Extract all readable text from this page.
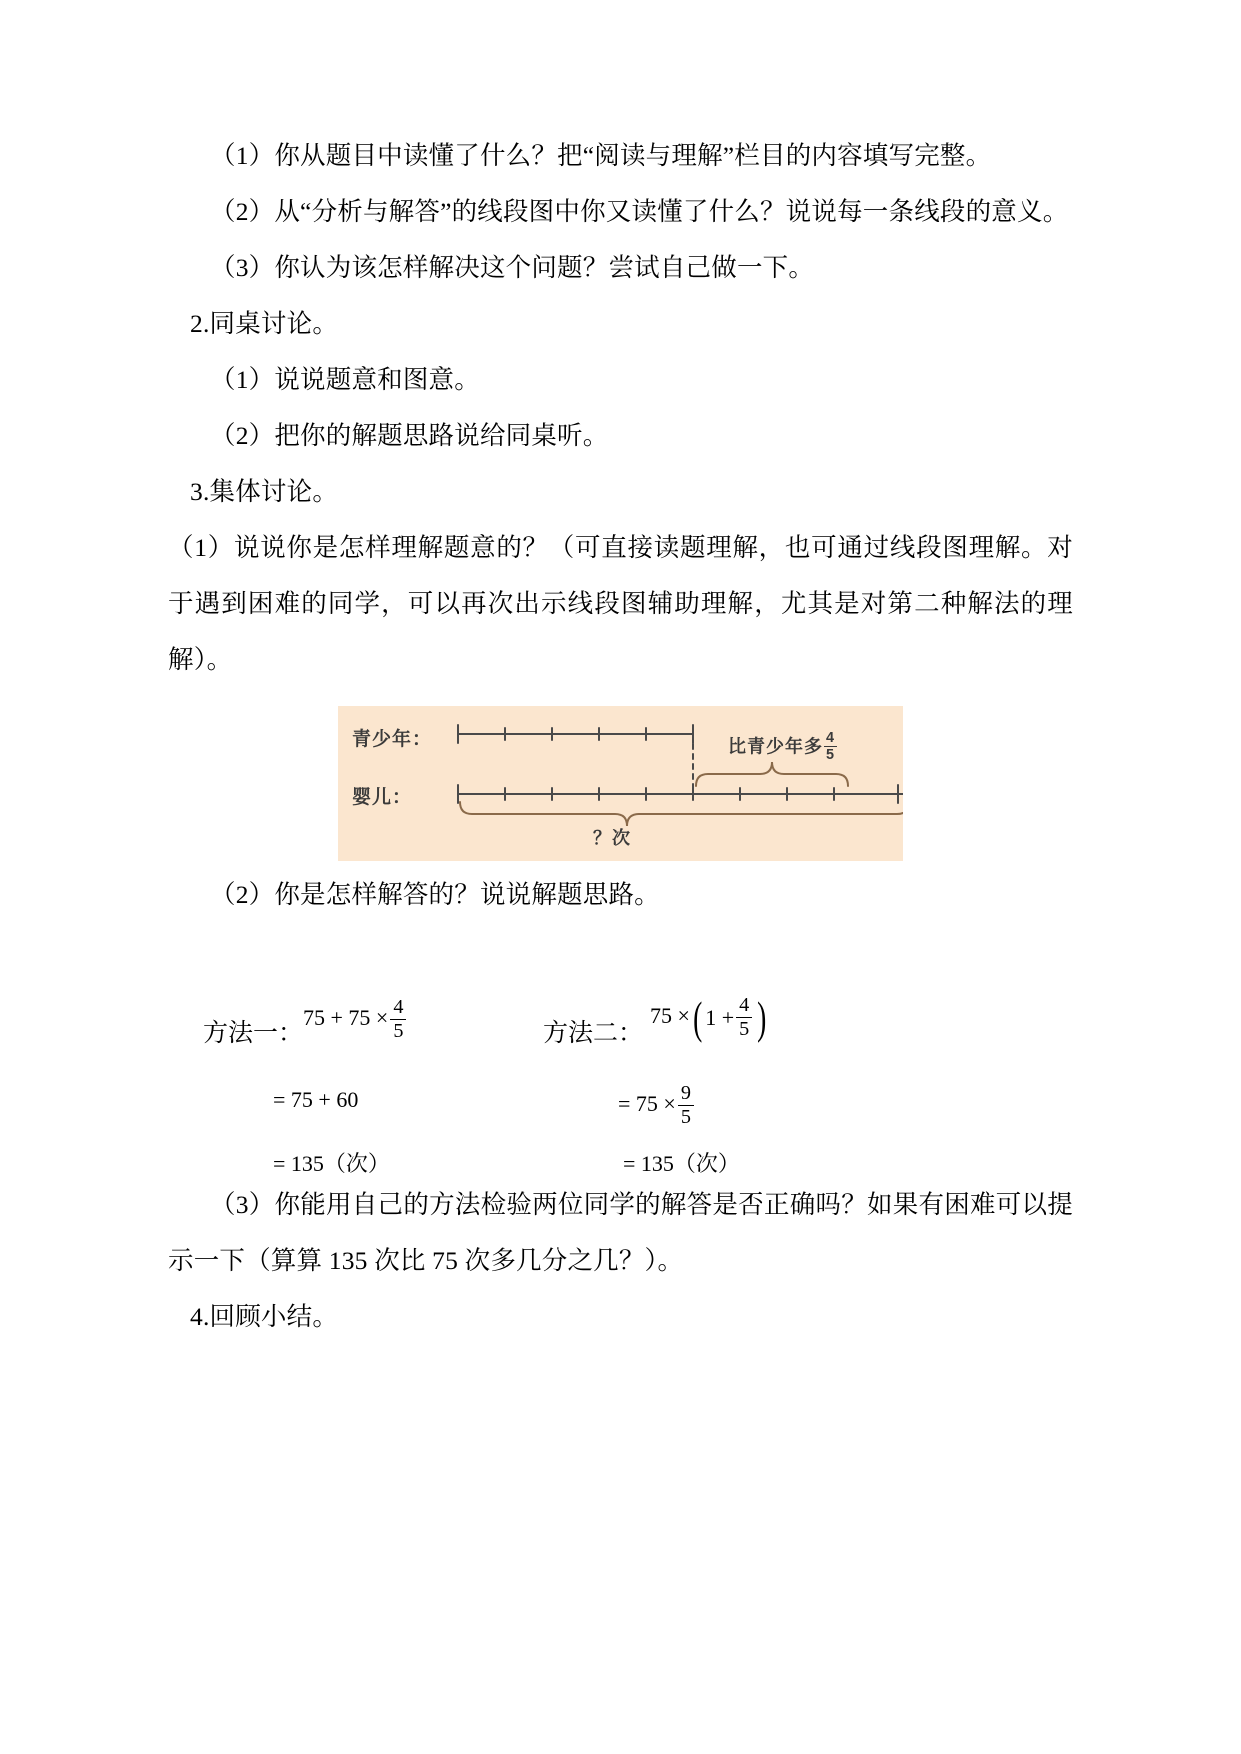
（1）你从题目中读懂了什么？把“阅读与理解”栏目的内容填写完整。

（2）从“分析与解答”的线段图中你又读懂了什么？说说每一条线段的意义。

（3）你认为该怎样解决这个问题？尝试自己做一下。

2.同桌讨论。

（1）说说题意和图意。

（2）把你的解题思路说给同桌听。

3.集体讨论。

（1）说说你是怎样理解题意的？（可直接读题理解，也可通过线段图理解。对于遇到困难的同学，可以再次出示线段图辅助理解，尤其是对第二种解法的理解）。

青少年：
婴儿：
比青少年多 $\frac{4}{5}$
？次

（2）你是怎样解答的？说说解题思路。

方法一：
$75 + 75 \times \frac{4}{5}$
= 75 + 60
= 135（次）
方法二：
75 × ( $1 + \frac{4}{5}$ )
= $75 \times \frac{9}{5}$
= 135（次）

（3）你能用自己的方法检验两位同学的解答是否正确吗？如果有困难可以提示一下（算算 135 次比 75 次多几分之几？）。

4.回顾小结。
